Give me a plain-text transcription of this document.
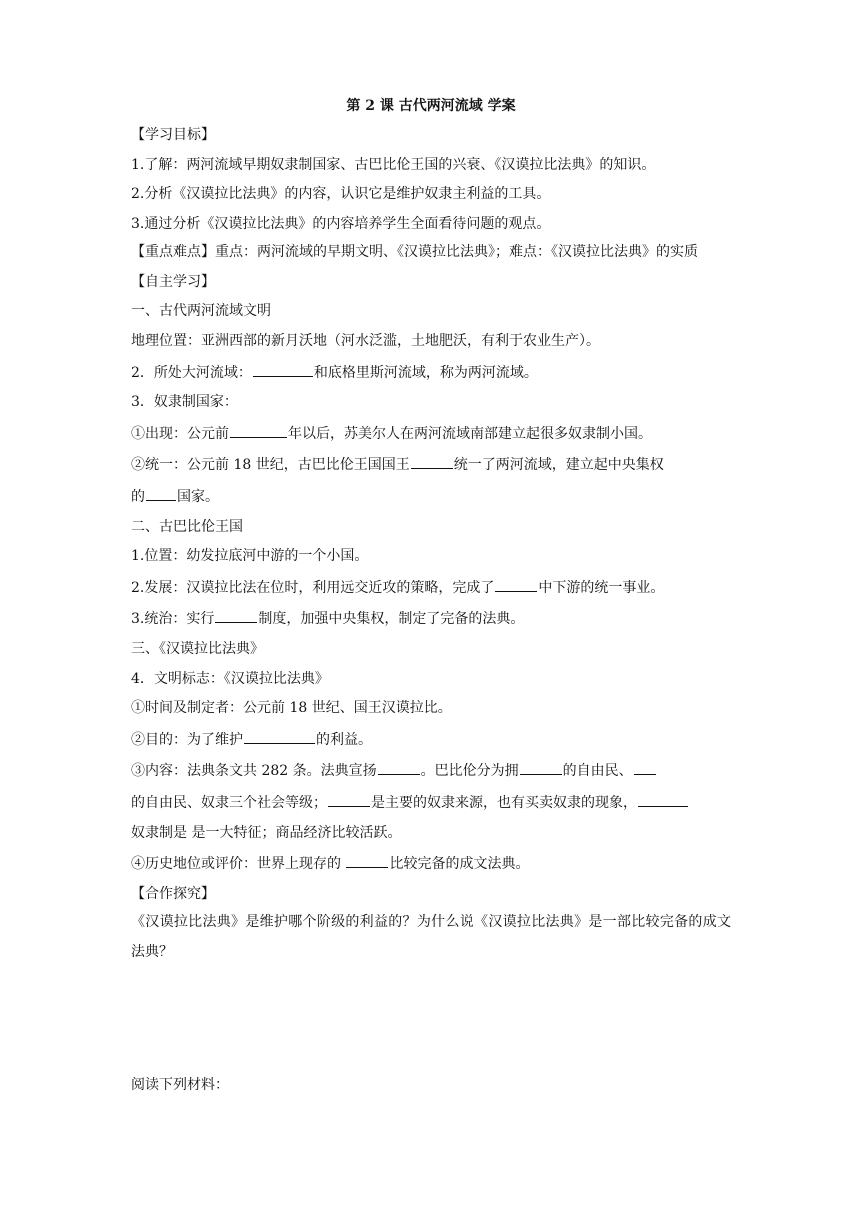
第 2 课 古代两河流域 学案
【学习目标】
1.了解：两河流域早期奴隶制国家、古巴比伦王国的兴衰、《汉谟拉比法典》的知识。
2.分析《汉谟拉比法典》的内容，认识它是维护奴隶主利益的工具。
3.通过分析《汉谟拉比法典》的内容培养学生全面看待问题的观点。
【重点难点】重点：两河流域的早期文明、《汉谟拉比法典》；难点：《汉谟拉比法典》的实质
【自主学习】
一、古代两河流域文明
地理位置：亚洲西部的新月沃地（河水泛滥，土地肥沃，有利于农业生产）。
2．所处大河流域：	和底格里斯河流域，称为两河流域。
3．奴隶制国家：
①出现：公元前	年以后，苏美尔人在两河流域南部建立起很多奴隶制小国。
②统一：公元前 18 世纪，古巴比伦王国国王	统一了两河流域，建立起中央集权
的 国家。
二、古巴比伦王国
1.位置：幼发拉底河中游的一个小国。
2.发展：汉谟拉比法在位时，利用远交近攻的策略，完成了	中下游的统一事业。
3.统治：实行	制度，加强中央集权，制定了完备的法典。
三、《汉谟拉比法典》
4．文明标志：《汉谟拉比法典》
①时间及制定者：公元前 18 世纪、国王汉谟拉比。
②目的：为了维护	的利益。
③内容：法典条文共 282 条。法典宣扬	。巴比伦分为拥	的自由民、
的自由民、奴隶三个社会等级；	是主要的奴隶来源，也有买卖奴隶的现象，
奴隶制是 是一大特征；商品经济比较活跃。
④历史地位或评价：世界上现存的	比较完备的成文法典。
【合作探究】
《汉谟拉比法典》是维护哪个阶级的利益的？为什么说《汉谟拉比法典》是一部比较完备的成文法典？
阅读下列材料：
